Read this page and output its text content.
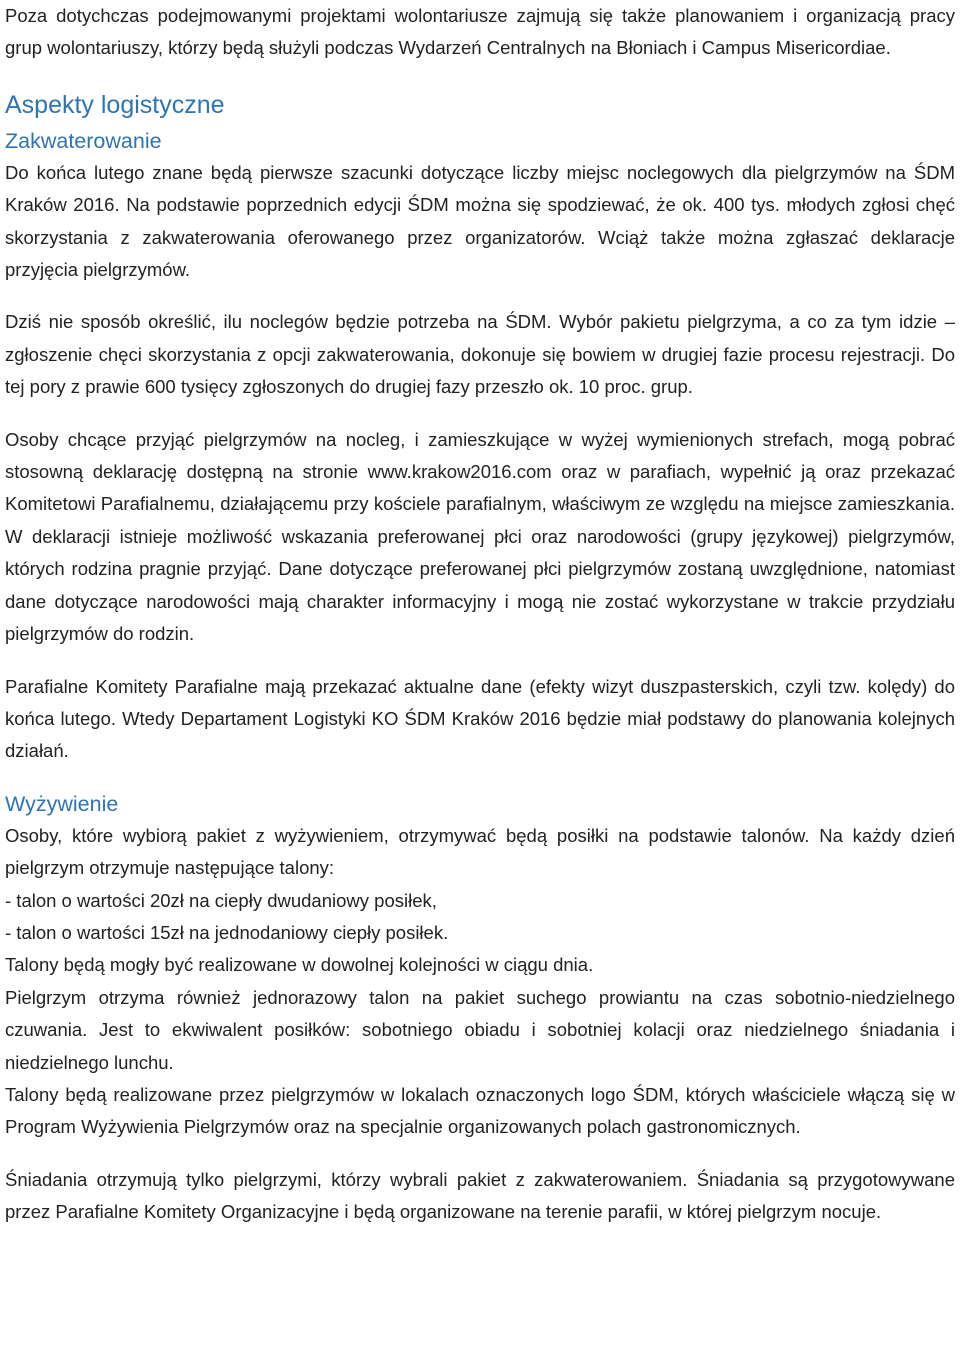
Poza dotychczas podejmowanymi projektami wolontariusze zajmują się także planowaniem i organizacją pracy grup wolontariuszy, którzy będą służyli podczas Wydarzeń Centralnych na Błoniach i Campus Misericordiae.

Aspekty logistyczne
Zakwaterowanie

Do końca lutego znane będą pierwsze szacunki dotyczące liczby miejsc noclegowych dla pielgrzymów na ŚDM Kraków 2016. Na podstawie poprzednich edycji ŚDM można się spodziewać, że ok. 400 tys. młodych zgłosi chęć skorzystania z zakwaterowania oferowanego przez organizatorów. Wciąż także można zgłaszać deklaracje przyjęcia pielgrzymów.

Dziś nie sposób określić, ilu noclegów będzie potrzeba na ŚDM. Wybór pakietu pielgrzyma, a co za tym idzie – zgłoszenie chęci skorzystania z opcji zakwaterowania, dokonuje się bowiem w drugiej fazie procesu rejestracji. Do tej pory z prawie 600 tysięcy zgłoszonych do drugiej fazy przeszło ok. 10 proc. grup.

Osoby chcące przyjąć pielgrzymów na nocleg, i zamieszkujące w wyżej wymienionych strefach, mogą pobrać stosowną deklarację dostępną na stronie www.krakow2016.com oraz w parafiach, wypełnić ją oraz przekazać Komitetowi Parafialnemu, działającemu przy kościele parafialnym, właściwym ze względu na miejsce zamieszkania. W deklaracji istnieje możliwość wskazania preferowanej płci oraz narodowości (grupy językowej) pielgrzymów, których rodzina pragnie przyjąć. Dane dotyczące preferowanej płci pielgrzymów zostaną uwzględnione, natomiast dane dotyczące narodowości mają charakter informacyjny i mogą nie zostać wykorzystane w trakcie przydziału pielgrzymów do rodzin.

Parafialne Komitety Parafialne mają przekazać aktualne dane (efekty wizyt duszpasterskich, czyli tzw. kolędy) do końca lutego. Wtedy Departament Logistyki KO ŚDM Kraków 2016 będzie miał podstawy do planowania kolejnych działań.

Wyżywienie

Osoby, które wybiorą pakiet z wyżywieniem, otrzymywać będą posiłki na podstawie talonów. Na każdy dzień pielgrzym otrzymuje następujące talony:

- talon o wartości 20zł na ciepły dwudaniowy posiłek,

- talon o wartości 15zł na jednodaniowy ciepły posiłek.

Talony będą mogły być realizowane w dowolnej kolejności w ciągu dnia.

Pielgrzym otrzyma również jednorazowy talon na pakiet suchego prowiantu na czas sobotnio-niedzielnego czuwania. Jest to ekwiwalent posiłków: sobotniego obiadu i sobotniej kolacji oraz niedzielnego śniadania i niedzielnego lunchu.

Talony będą realizowane przez pielgrzymów w lokalach oznaczonych logo ŚDM, których właściciele włączą się w Program Wyżywienia Pielgrzymów oraz na specjalnie organizowanych polach gastronomicznych.

Śniadania otrzymują tylko pielgrzymi, którzy wybrali pakiet z zakwaterowaniem. Śniadania są przygotowywane przez Parafialne Komitety Organizacyjne i będą organizowane na terenie parafii, w której pielgrzym nocuje.
